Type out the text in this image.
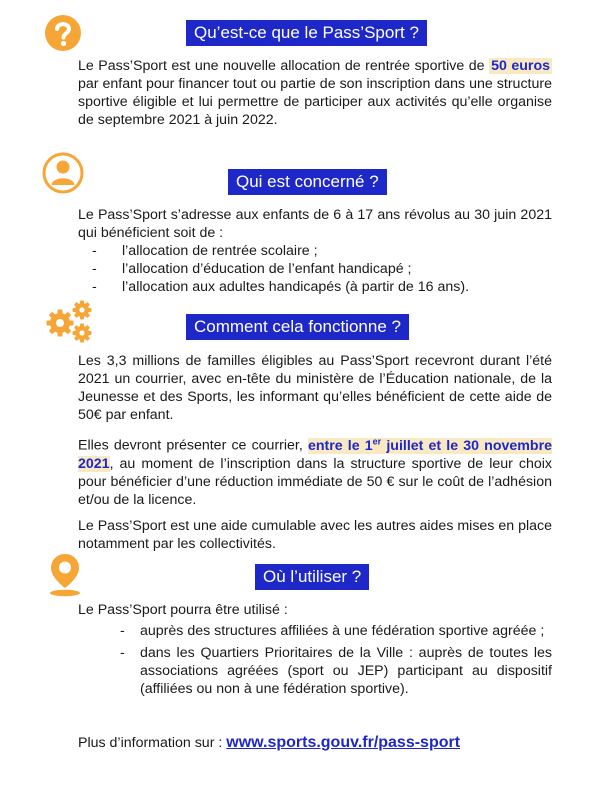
Qu’est-ce que le Pass’Sport ?

Le Pass’Sport est une nouvelle allocation de rentrée sportive de 50 euros par enfant pour financer tout ou partie de son inscription dans une structure sportive éligible et lui permettre de participer aux activités qu’elle organise de septembre 2021 à juin 2022.

Qui est concerné ?

Le Pass’Sport s’adresse aux enfants de 6 à 17 ans révolus au 30 juin 2021 qui bénéficient soit de :

- l’allocation de rentrée scolaire ;
- l’allocation d’éducation de l’enfant handicapé ;
- l’allocation aux adultes handicapés (à partir de 16 ans).
Comment cela fonctionne ?

Les 3,3 millions de familles éligibles au Pass’Sport recevront durant l’été 2021 un courrier, avec en-tête du ministère de l’Éducation nationale, de la Jeunesse et des Sports, les informant qu’elles bénéficient de cette aide de 50€ par enfant.

Elles devront présenter ce courrier, entre le 1er juillet et le 30 novembre 2021, au moment de l’inscription dans la structure sportive de leur choix pour bénéficier d’une réduction immédiate de 50 € sur le coût de l’adhésion et/ou de la licence.

Le Pass’Sport est une aide cumulable avec les autres aides mises en place notamment par les collectivités.

Où l’utiliser ?

Le Pass’Sport pourra être utilisé :

- auprès des structures affiliées à une fédération sportive agréée ;
- dans les Quartiers Prioritaires de la Ville : auprès de toutes les associations agréées (sport ou JEP) participant au dispositif (affiliées ou non à une fédération sportive).
Plus d’information sur : www.sports.gouv.fr/pass-sport
